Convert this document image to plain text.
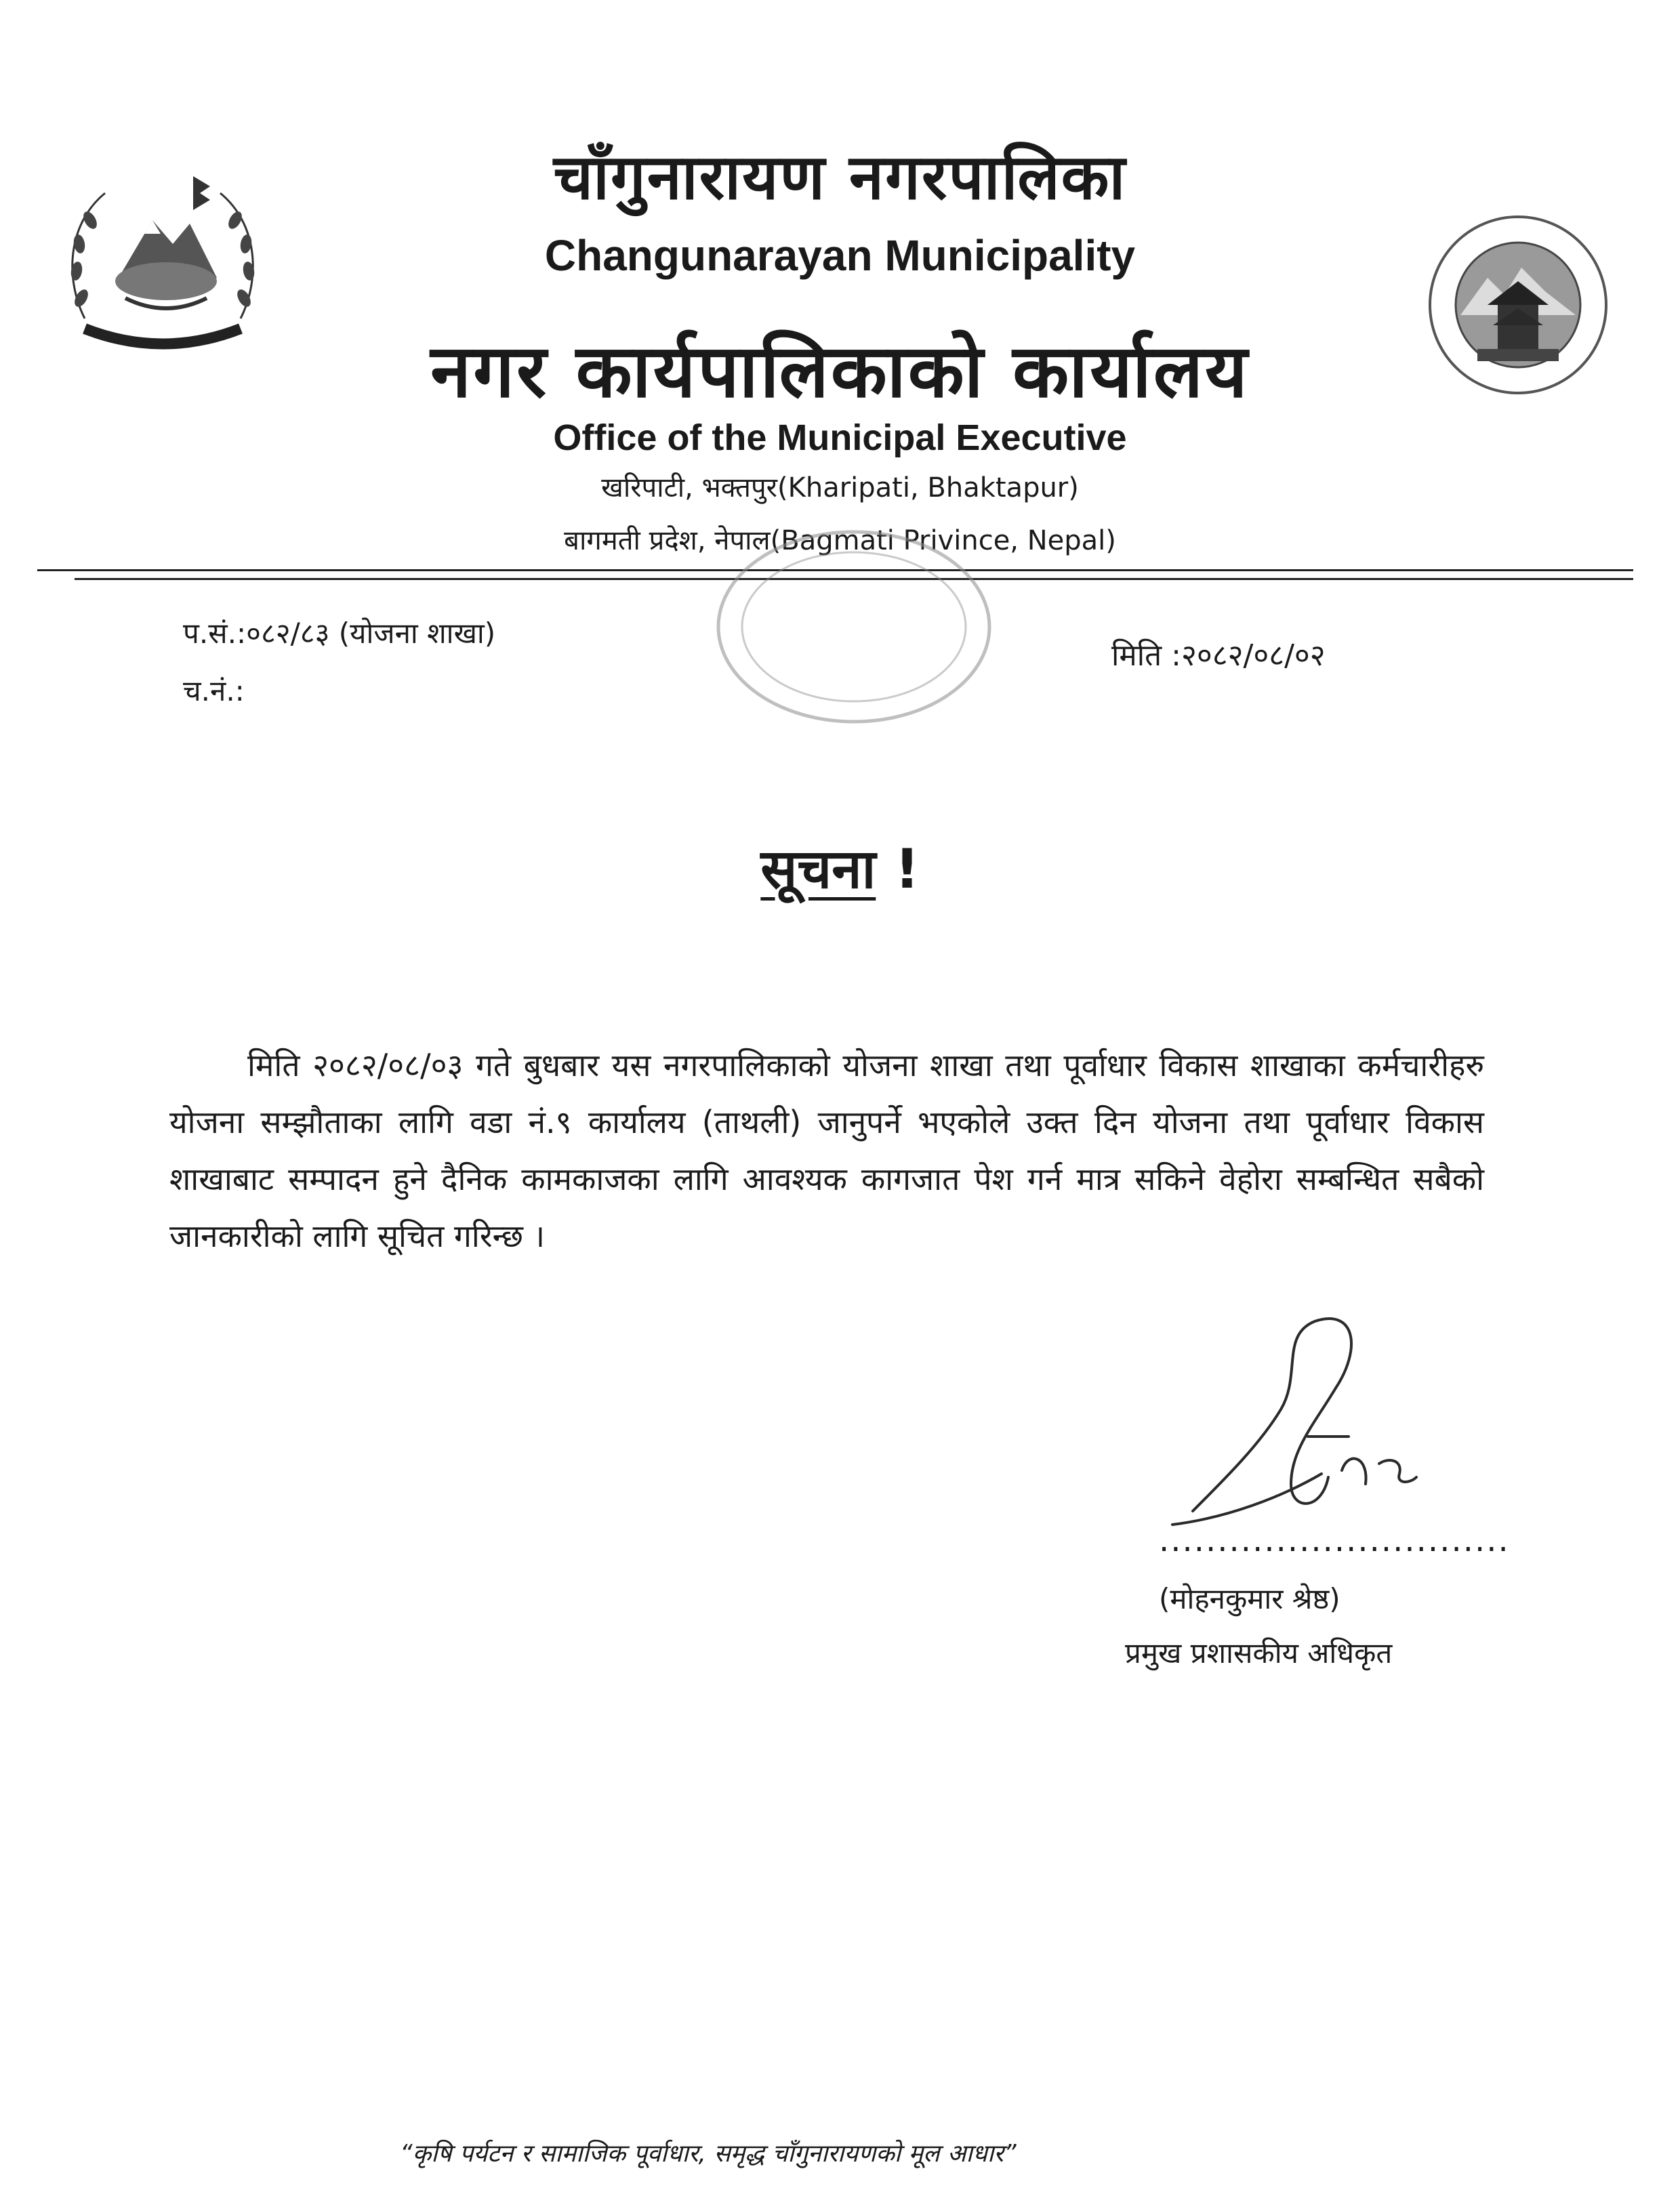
चाँगुनारायण नगरपालिका
Changunarayan Municipality
नगर कार्यपालिकाको कार्यालय
Office of the Municipal Executive
खरिपाटी, भक्तपुर(Kharipati, Bhaktapur)
बागमती प्रदेश, नेपाल(Bagmati Privince, Nepal)
प.सं.:०८२/८३ (योजना शाखा)
च.नं.:
मिति :२०८२/०८/०२
सूचना !
मिति २०८२/०८/०३ गते बुधबार यस नगरपालिकाको योजना शाखा तथा पूर्वाधार विकास शाखाका कर्मचारीहरु योजना सम्झौताका लागि वडा नं.९ कार्यालय (ताथली) जानुपर्ने भएकोले उक्त दिन योजना तथा पूर्वाधार विकास शाखाबाट सम्पादन हुने दैनिक कामकाजका लागि आवश्यक कागजात पेश गर्न मात्र सकिने वेहोरा सम्बन्धित सबैको जानकारीको लागि सूचित गरिन्छ ।
..............................
(मोहनकुमार श्रेष्ठ)
प्रमुख प्रशासकीय अधिकृत
“कृषि पर्यटन र सामाजिक पूर्वाधार, समृद्ध चाँगुनारायणको मूल आधार”
